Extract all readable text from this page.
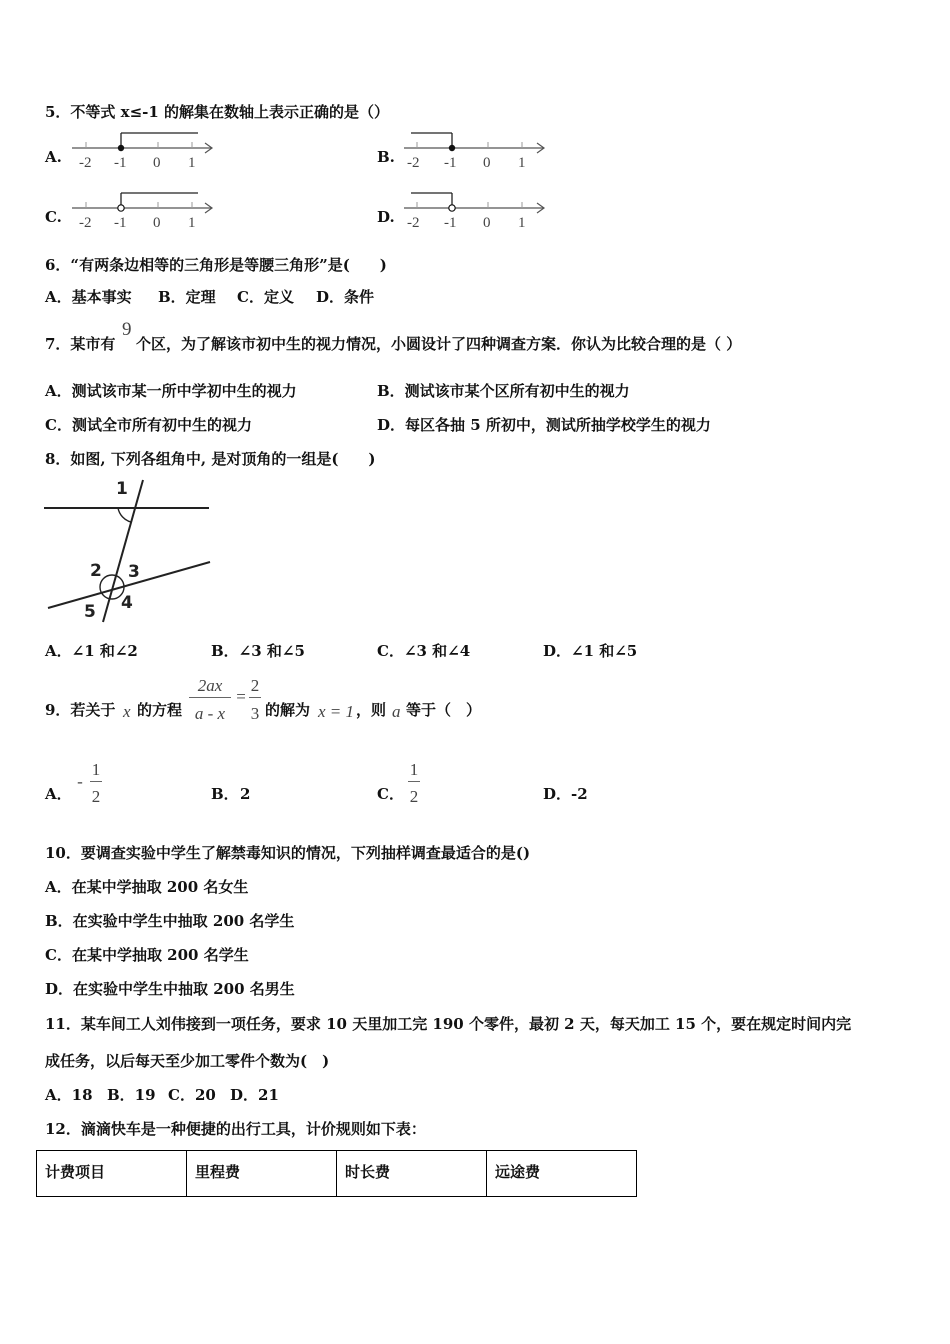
5．不等式 x≤-1 的解集在数轴上表示正确的是（）
A. -2 -1 0 1	B. -2 -1 0 1
C. -2 -1 0 1	D. -2 -1 0 1
6．“有两条边相等的三角形是等腰三角形”是(　　)
A．基本事实 B．定理 C．定义 D．条件
7．某市有
9
个区，为了解该市初中生的视力情况，小圆设计了四种调查方案．你认为比较合理的是（ ）
A．测试该市某一所中学初中生的视力	B．测试该市某个区所有初中生的视力
C．测试全市所有初中生的视力	D．每区各抽 5 所初中，测试所抽学校学生的视力
8．如图, 下列各组角中, 是对顶角的一组是(　　)
1
2 3
4
5
A．∠1 和∠2	B．∠3 和∠5	C．∠3 和∠4	D．∠1 和∠5
9．若关于 x 的方程
2ax
a - x
=
2
3 的解为 x = 1 ，则 a 等于（　）
A．
-
1
2	B． 2	C．
1
2	D． -2
10．要调查实验中学生了解禁毒知识的情况，下列抽样调查最适合的是()
A．在某中学抽取 200 名女生
B．在实验中学生中抽取 200 名学生
C．在某中学抽取 200 名学生
D．在实验中学生中抽取 200 名男生
11．某车间工人刘伟接到一项任务，要求 10 天里加工完 190 个零件，最初 2 天，每天加工 15 个，要在规定时间内完
成任务，以后每天至少加工零件个数为(　)
A．18 B．19 C．20 D．21
12．滴滴快车是一种便捷的出行工具，计价规则如下表：
计费项目	里程费	时长费	远途费
